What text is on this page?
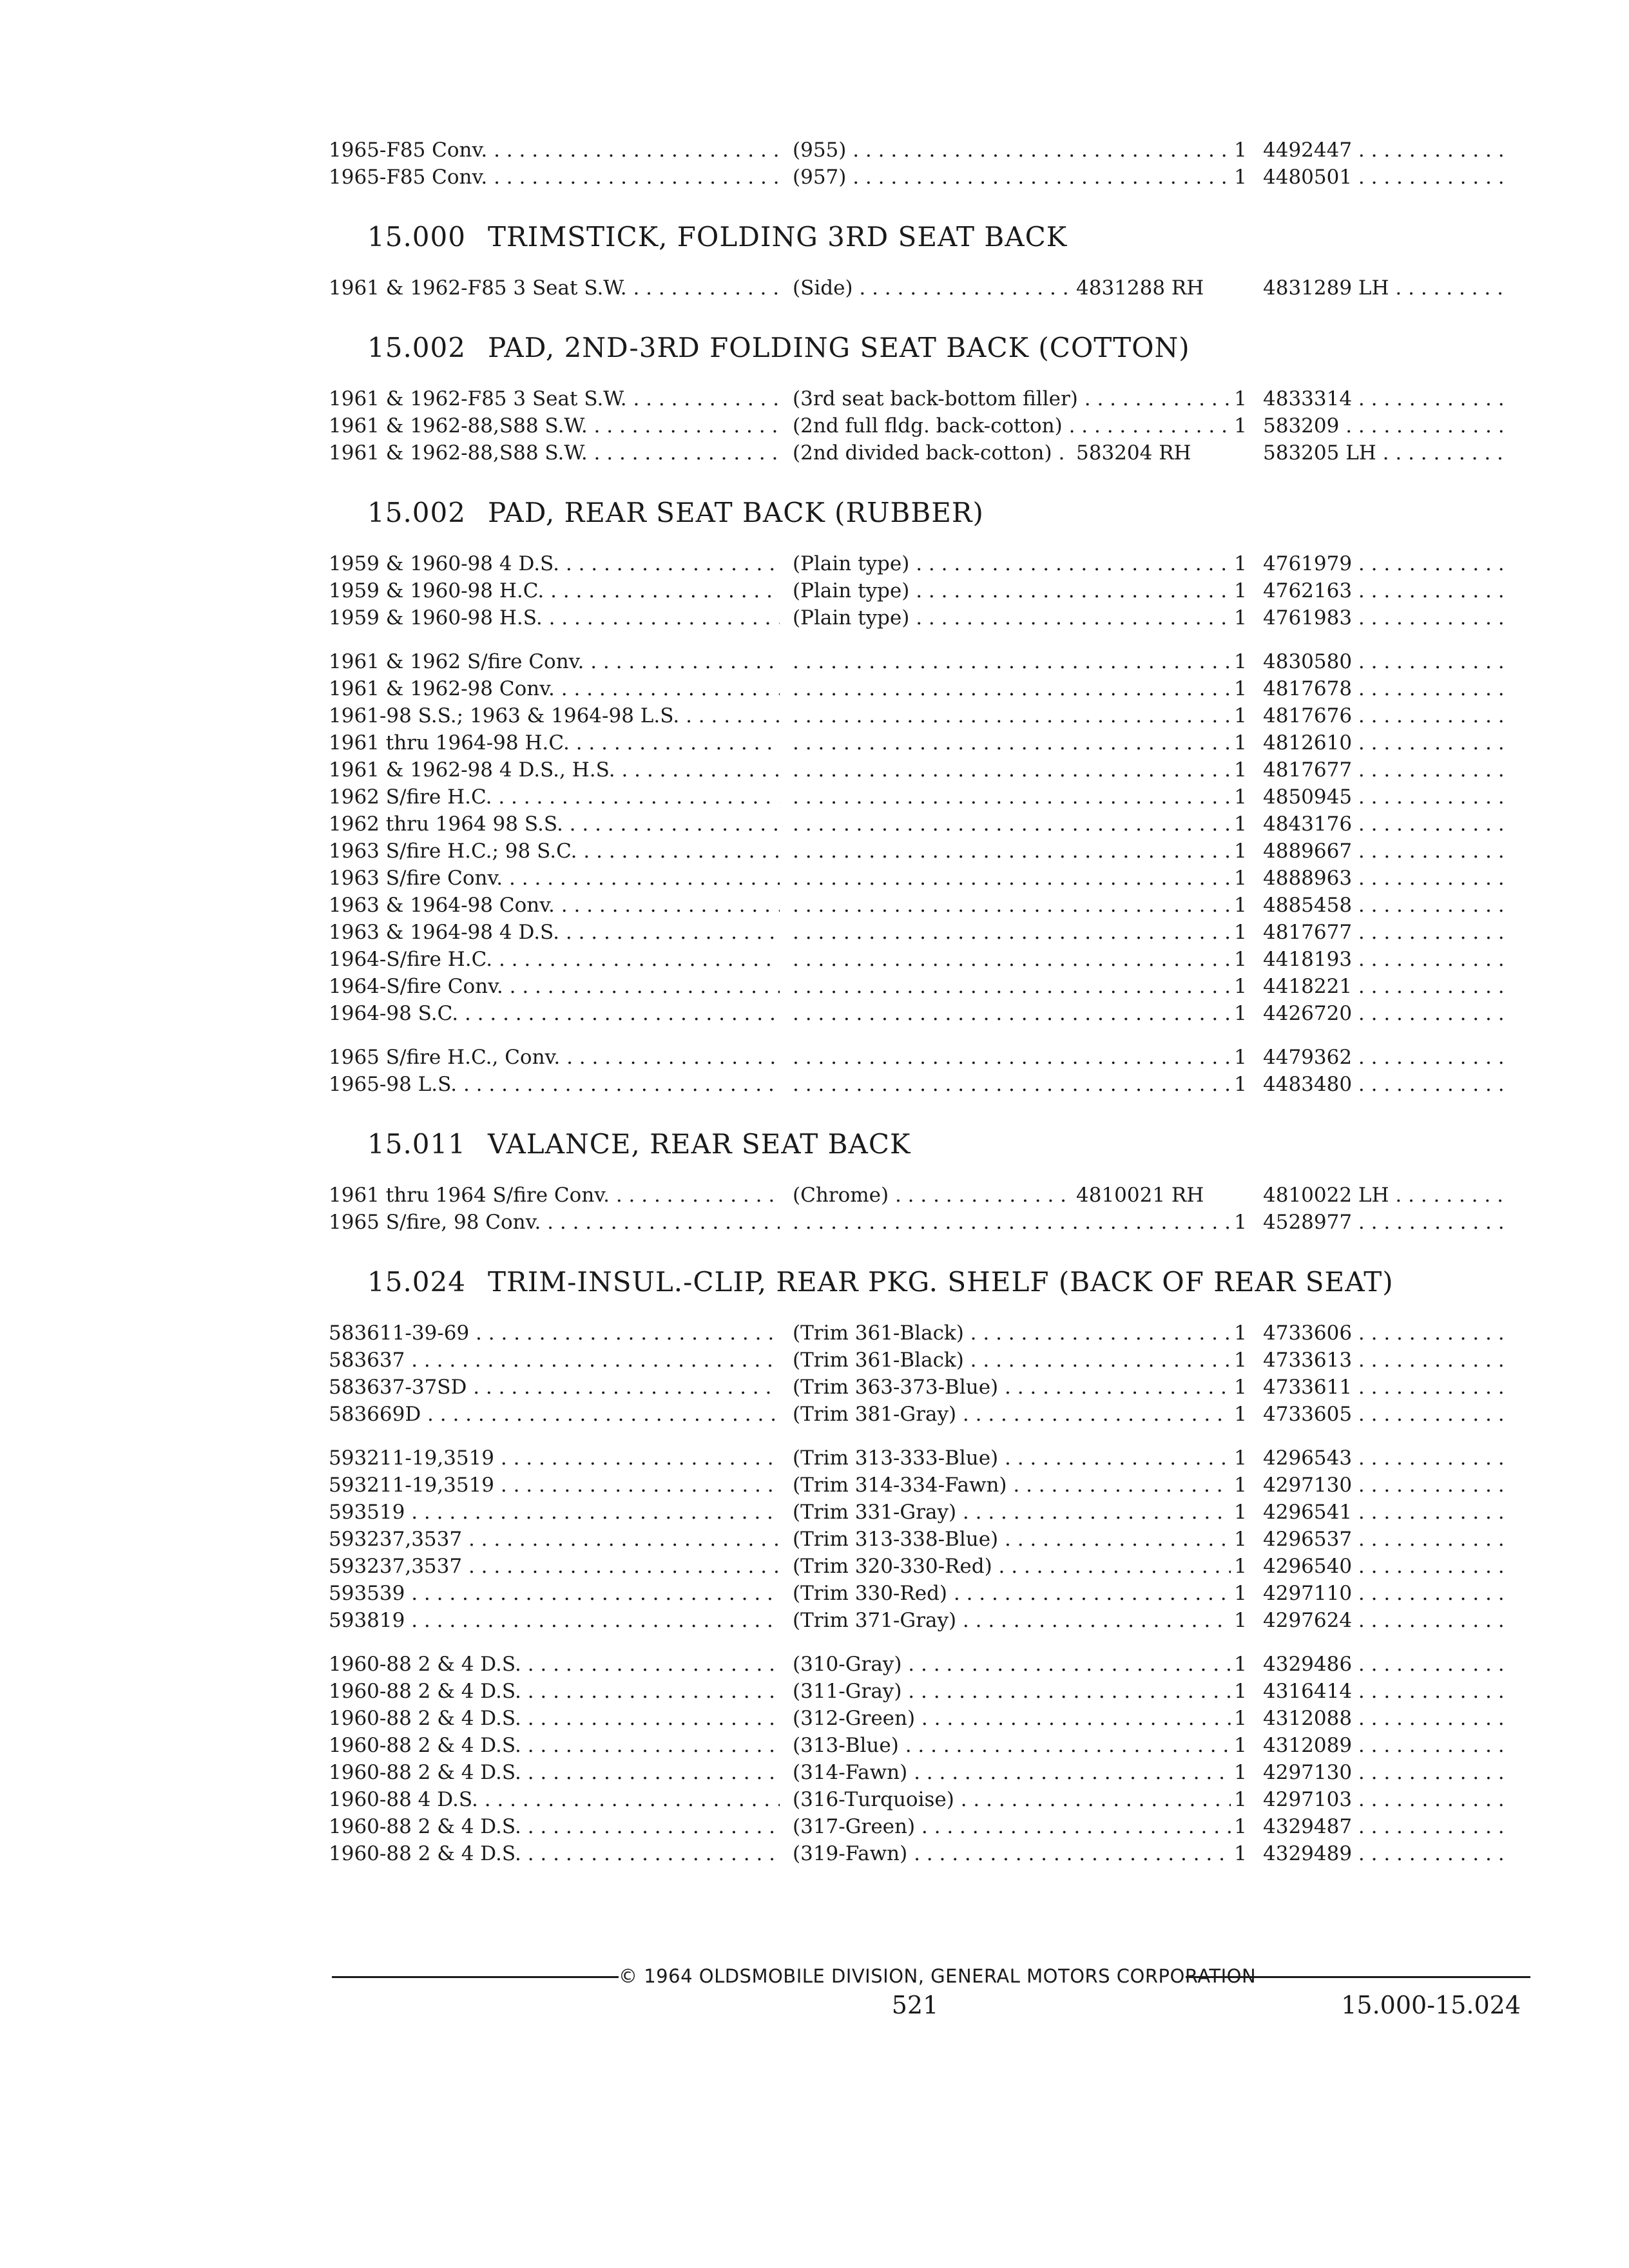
1965-F85 Conv. . . .	(955) . . .	1 4492447 . . .
1965-F85 Conv. . . .	(957) . . .	1 4480501 . . .
15.000 TRIMSTICK, FOLDING 3RD SEAT BACK
1961 & 1962-F85 3 Seat S.W. . . .	(Side) . . .	4831288 RH	4831289 LH . . .
15.002 PAD, 2ND-3RD FOLDING SEAT BACK (COTTON)
1961 & 1962-F85 3 Seat S.W. . . .	(3rd seat back-bottom filler) . . .	1 4833314 . . .
1961 & 1962-88,S88 S.W. . . .	(2nd full fldg. back-cotton) . . .	1 583209 . . .
1961 & 1962-88,S88 S.W. . . .	(2nd divided back-cotton) . . .	583204 RH	583205 LH . . .
15.002 PAD, REAR SEAT BACK (RUBBER)
1959 & 1960-98 4 D.S. . . .	(Plain type) . . .	1 4761979 . . .
1959 & 1960-98 H.C. . . .	(Plain type) . . .	1 4762163 . . .
1959 & 1960-98 H.S. . . .	(Plain type) . . .	1 4761983 . . .
1961 & 1962 S/fire Conv. . . . . . .	1 4830580 . . .
1961 & 1962-98 Conv. . . . . . .	1 4817678 . . .
1961-98 S.S.; 1963 & 1964-98 L.S. . . . . . .	1 4817676 . . .
1961 thru 1964-98 H.C. . . . . . .	1 4812610 . . .
1961 & 1962-98 4 D.S., H.S. . . . . . .	1 4817677 . . .
1962 S/fire H.C. . . . . . .	1 4850945 . . .
1962 thru 1964 98 S.S. . . . . . .	1 4843176 . . .
1963 S/fire H.C.; 98 S.C. . . . . . .	1 4889667 . . .
1963 S/fire Conv. . . . . . .	1 4888963 . . .
1963 & 1964-98 Conv. . . . . . .	1 4885458 . . .
1963 & 1964-98 4 D.S. . . . . . .	1 4817677 . . .
1964-S/fire H.C. . . . . . .	1 4418193 . . .
1964-S/fire Conv. . . . . . .	1 4418221 . . .
1964-98 S.C. . . . . . .	1 4426720 . . .
1965 S/fire H.C., Conv. . . . . . .	1 4479362 . . .
1965-98 L.S. . . . . . .	1 4483480 . . .
15.011 VALANCE, REAR SEAT BACK
1961 thru 1964 S/fire Conv. . . .	(Chrome) . . .	4810021 RH	4810022 LH . . .
1965 S/fire, 98 Conv. . . . . . .	1 4528977 . . .
15.024 TRIM-INSUL.-CLIP, REAR PKG. SHELF (BACK OF REAR SEAT)
583611-39-69 . . .	(Trim 361-Black) . . .	1 4733606 . . .
583637 . . .	(Trim 361-Black) . . .	1 4733613 . . .
583637-37SD . . .	(Trim 363-373-Blue) . . .	1 4733611 . . .
583669D . . .	(Trim 381-Gray) . . .	1 4733605 . . .
593211-19,3519 . . .	(Trim 313-333-Blue) . . .	1 4296543 . . .
593211-19,3519 . . .	(Trim 314-334-Fawn) . . .	1 4297130 . . .
593519 . . .	(Trim 331-Gray) . . .	1 4296541 . . .
593237,3537 . . .	(Trim 313-338-Blue) . . .	1 4296537 . . .
593237,3537 . . .	(Trim 320-330-Red) . . .	1 4296540 . . .
593539 . . .	(Trim 330-Red) . . .	1 4297110 . . .
593819 . . .	(Trim 371-Gray) . . .	1 4297624 . . .
1960-88 2 & 4 D.S. . . .	(310-Gray) . . .	1 4329486 . . .
1960-88 2 & 4 D.S. . . .	(311-Gray) . . .	1 4316414 . . .
1960-88 2 & 4 D.S. . . .	(312-Green) . . .	1 4312088 . . .
1960-88 2 & 4 D.S. . . .	(313-Blue) . . .	1 4312089 . . .
1960-88 2 & 4 D.S. . . .	(314-Fawn) . . .	1 4297130 . . .
1960-88 4 D.S. . . .	(316-Turquoise) . . .	1 4297103 . . .
1960-88 2 & 4 D.S. . . .	(317-Green) . . .	1 4329487 . . .
1960-88 2 & 4 D.S. . . .	(319-Fawn) . . .	1 4329489 . . .
© 1964 OLDSMOBILE DIVISION, GENERAL MOTORS CORPORATION
521	15.000-15.024
